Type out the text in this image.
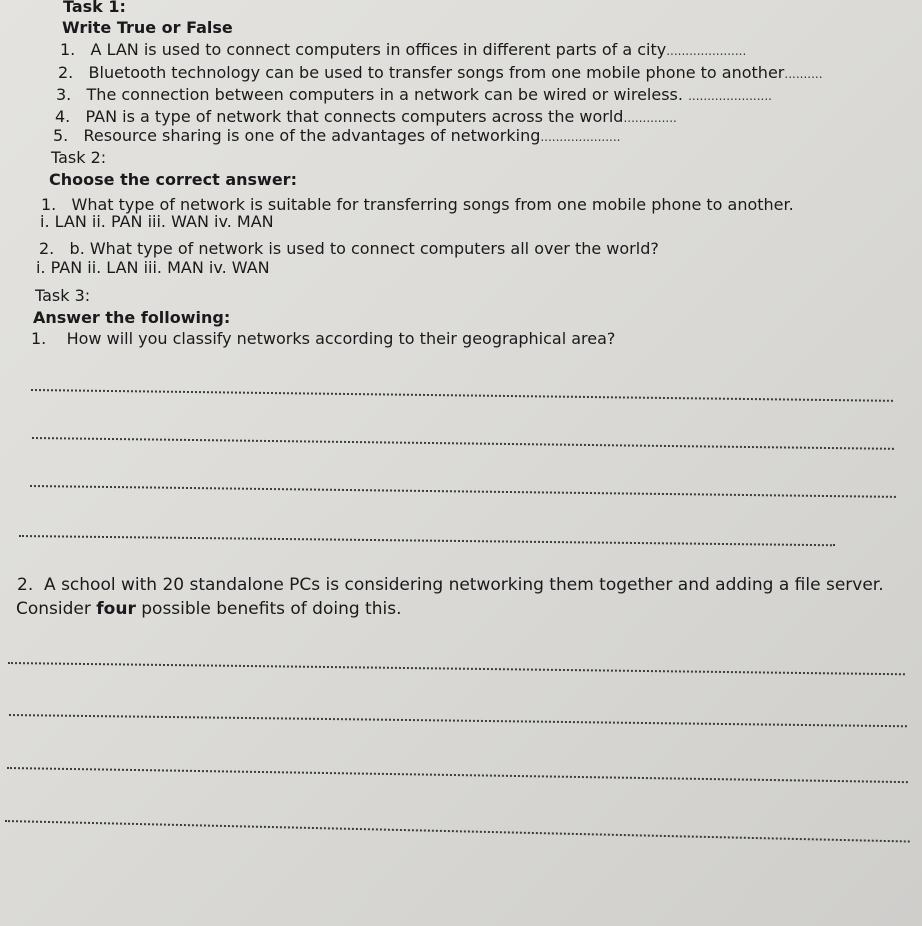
Task 1:
Write True or False
1. A LAN is used to connect computers in offices in different parts of a city.....................
2. Bluetooth technology can be used to transfer songs from one mobile phone to another..........
3. The connection between computers in a network can be wired or wireless. ......................
4. PAN is a type of network that connects computers across the world..............
5. Resource sharing is one of the advantages of networking.....................
Task 2:
Choose the correct answer:
1. What type of network is suitable for transferring songs from one mobile phone to another.
i. LAN ii. PAN iii. WAN iv. MAN
2. b. What type of network is used to connect computers all over the world?
i. PAN ii. LAN iii. MAN iv. WAN
Task 3:
Answer the following:
1. How will you classify networks according to their geographical area?
2. A school with 20 standalone PCs is considering networking them together and adding a file server.
Consider four possible benefits of doing this.
